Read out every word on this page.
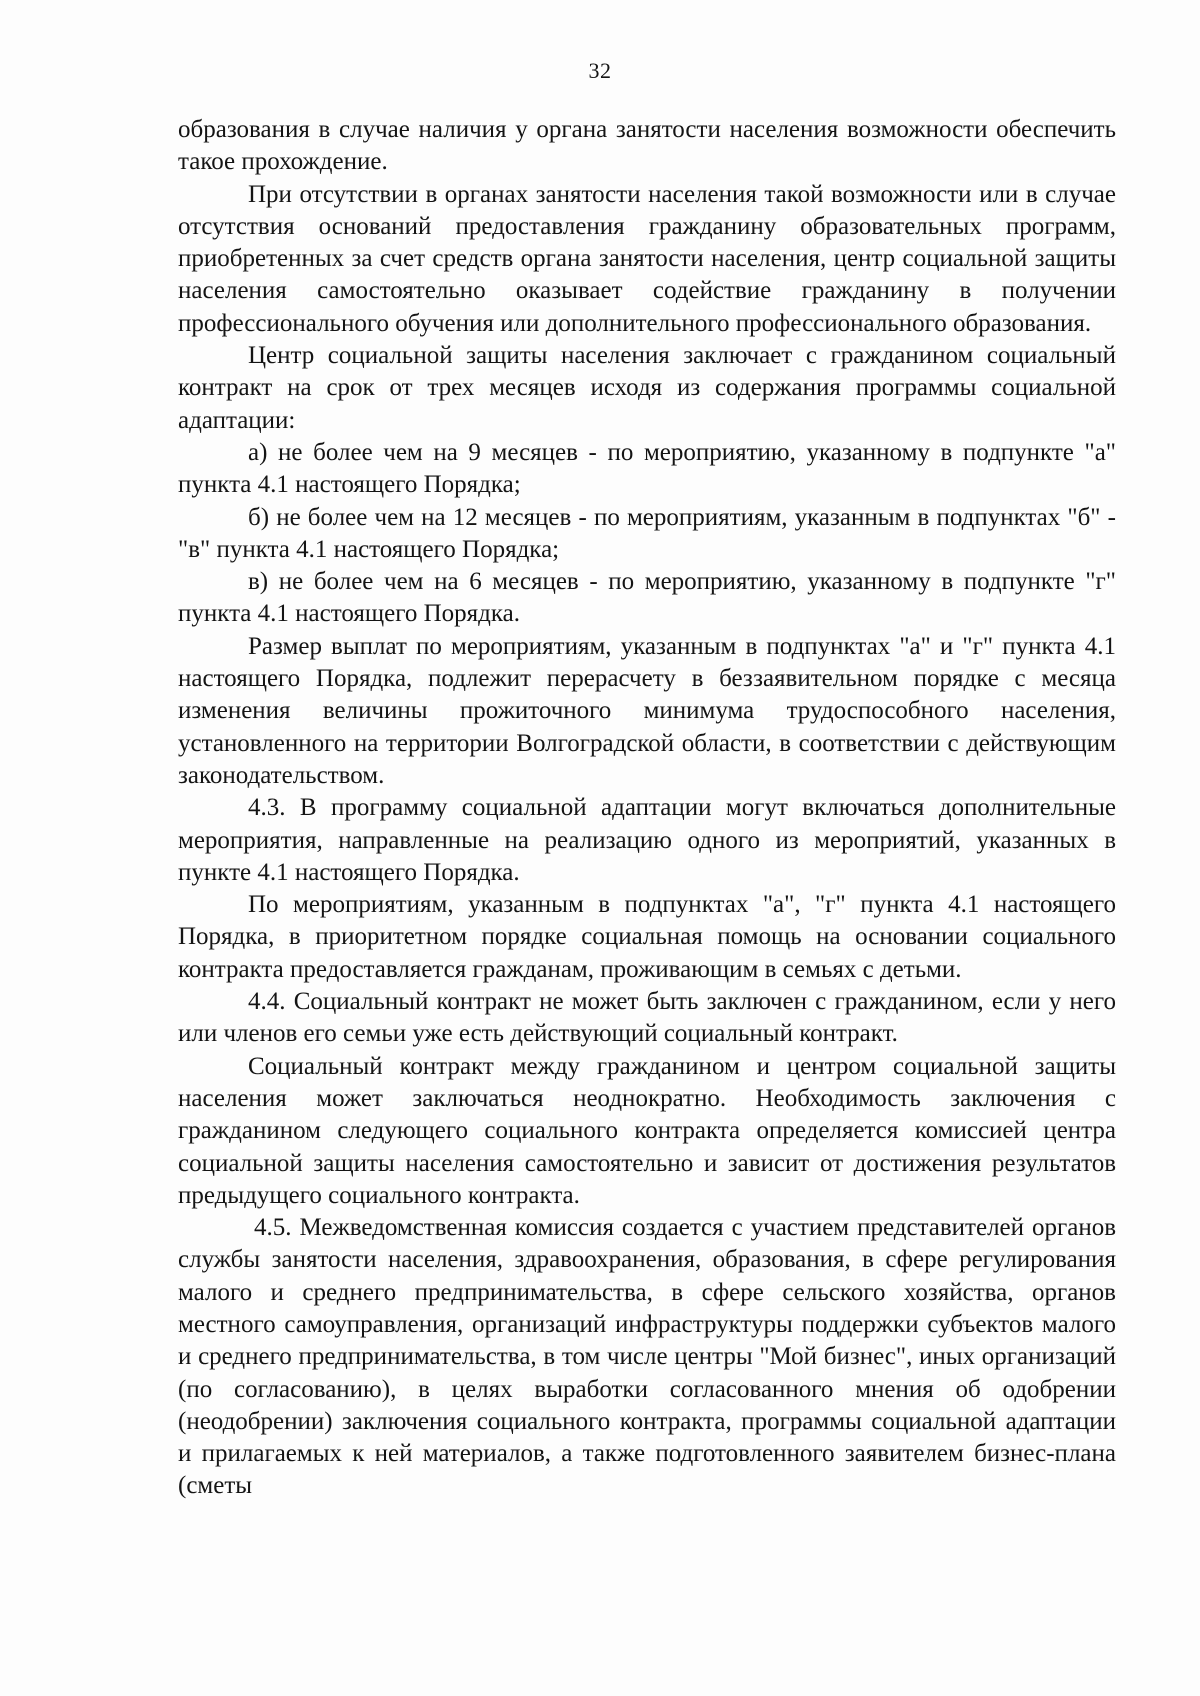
32

образования в случае наличия у органа занятости населения возможности обеспечить такое прохождение.

При отсутствии в органах занятости населения такой возможности или в случае отсутствия оснований предоставления гражданину образовательных программ, приобретенных за счет средств органа занятости населения, центр социальной защиты населения самостоятельно оказывает содействие гражданину в получении профессионального обучения или дополнительного профессионального образования.

Центр социальной защиты населения заключает с гражданином социальный контракт на срок от трех месяцев исходя из содержания программы социальной адаптации:

а) не более чем на 9 месяцев - по мероприятию, указанному в подпункте "а" пункта 4.1 настоящего Порядка;

б) не более чем на 12 месяцев - по мероприятиям, указанным в подпунктах "б" - "в" пункта 4.1 настоящего Порядка;

в) не более чем на 6 месяцев - по мероприятию, указанному в подпункте "г" пункта 4.1 настоящего Порядка.

Размер выплат по мероприятиям, указанным в подпунктах "а" и "г" пункта 4.1 настоящего Порядка, подлежит перерасчету в беззаявительном порядке с месяца изменения величины прожиточного минимума трудоспособного населения, установленного на территории Волгоградской области, в соответствии с действующим законодательством.

4.3. В программу социальной адаптации могут включаться дополнительные мероприятия, направленные на реализацию одного из мероприятий, указанных в пункте 4.1 настоящего Порядка.

По мероприятиям, указанным в подпунктах "а", "г" пункта 4.1 настоящего Порядка, в приоритетном порядке социальная помощь на основании социального контракта предоставляется гражданам, проживающим в семьях с детьми.

4.4. Социальный контракт не может быть заключен с гражданином, если у него или членов его семьи уже есть действующий социальный контракт.

Социальный контракт между гражданином и центром социальной защиты населения может заключаться неоднократно. Необходимость заключения с гражданином следующего социального контракта определяется комиссией центра социальной защиты населения самостоятельно и зависит от достижения результатов предыдущего социального контракта.

4.5. Межведомственная комиссия создается с участием представителей органов службы занятости населения, здравоохранения, образования, в сфере регулирования малого и среднего предпринимательства, в сфере сельского хозяйства, органов местного самоуправления, организаций инфраструктуры поддержки субъектов малого и среднего предпринимательства, в том числе центры "Мой бизнес", иных организаций (по согласованию), в целях выработки согласованного мнения об одобрении (неодобрении) заключения социального контракта, программы социальной адаптации и прилагаемых к ней материалов, а также подготовленного заявителем бизнес-плана (сметы
